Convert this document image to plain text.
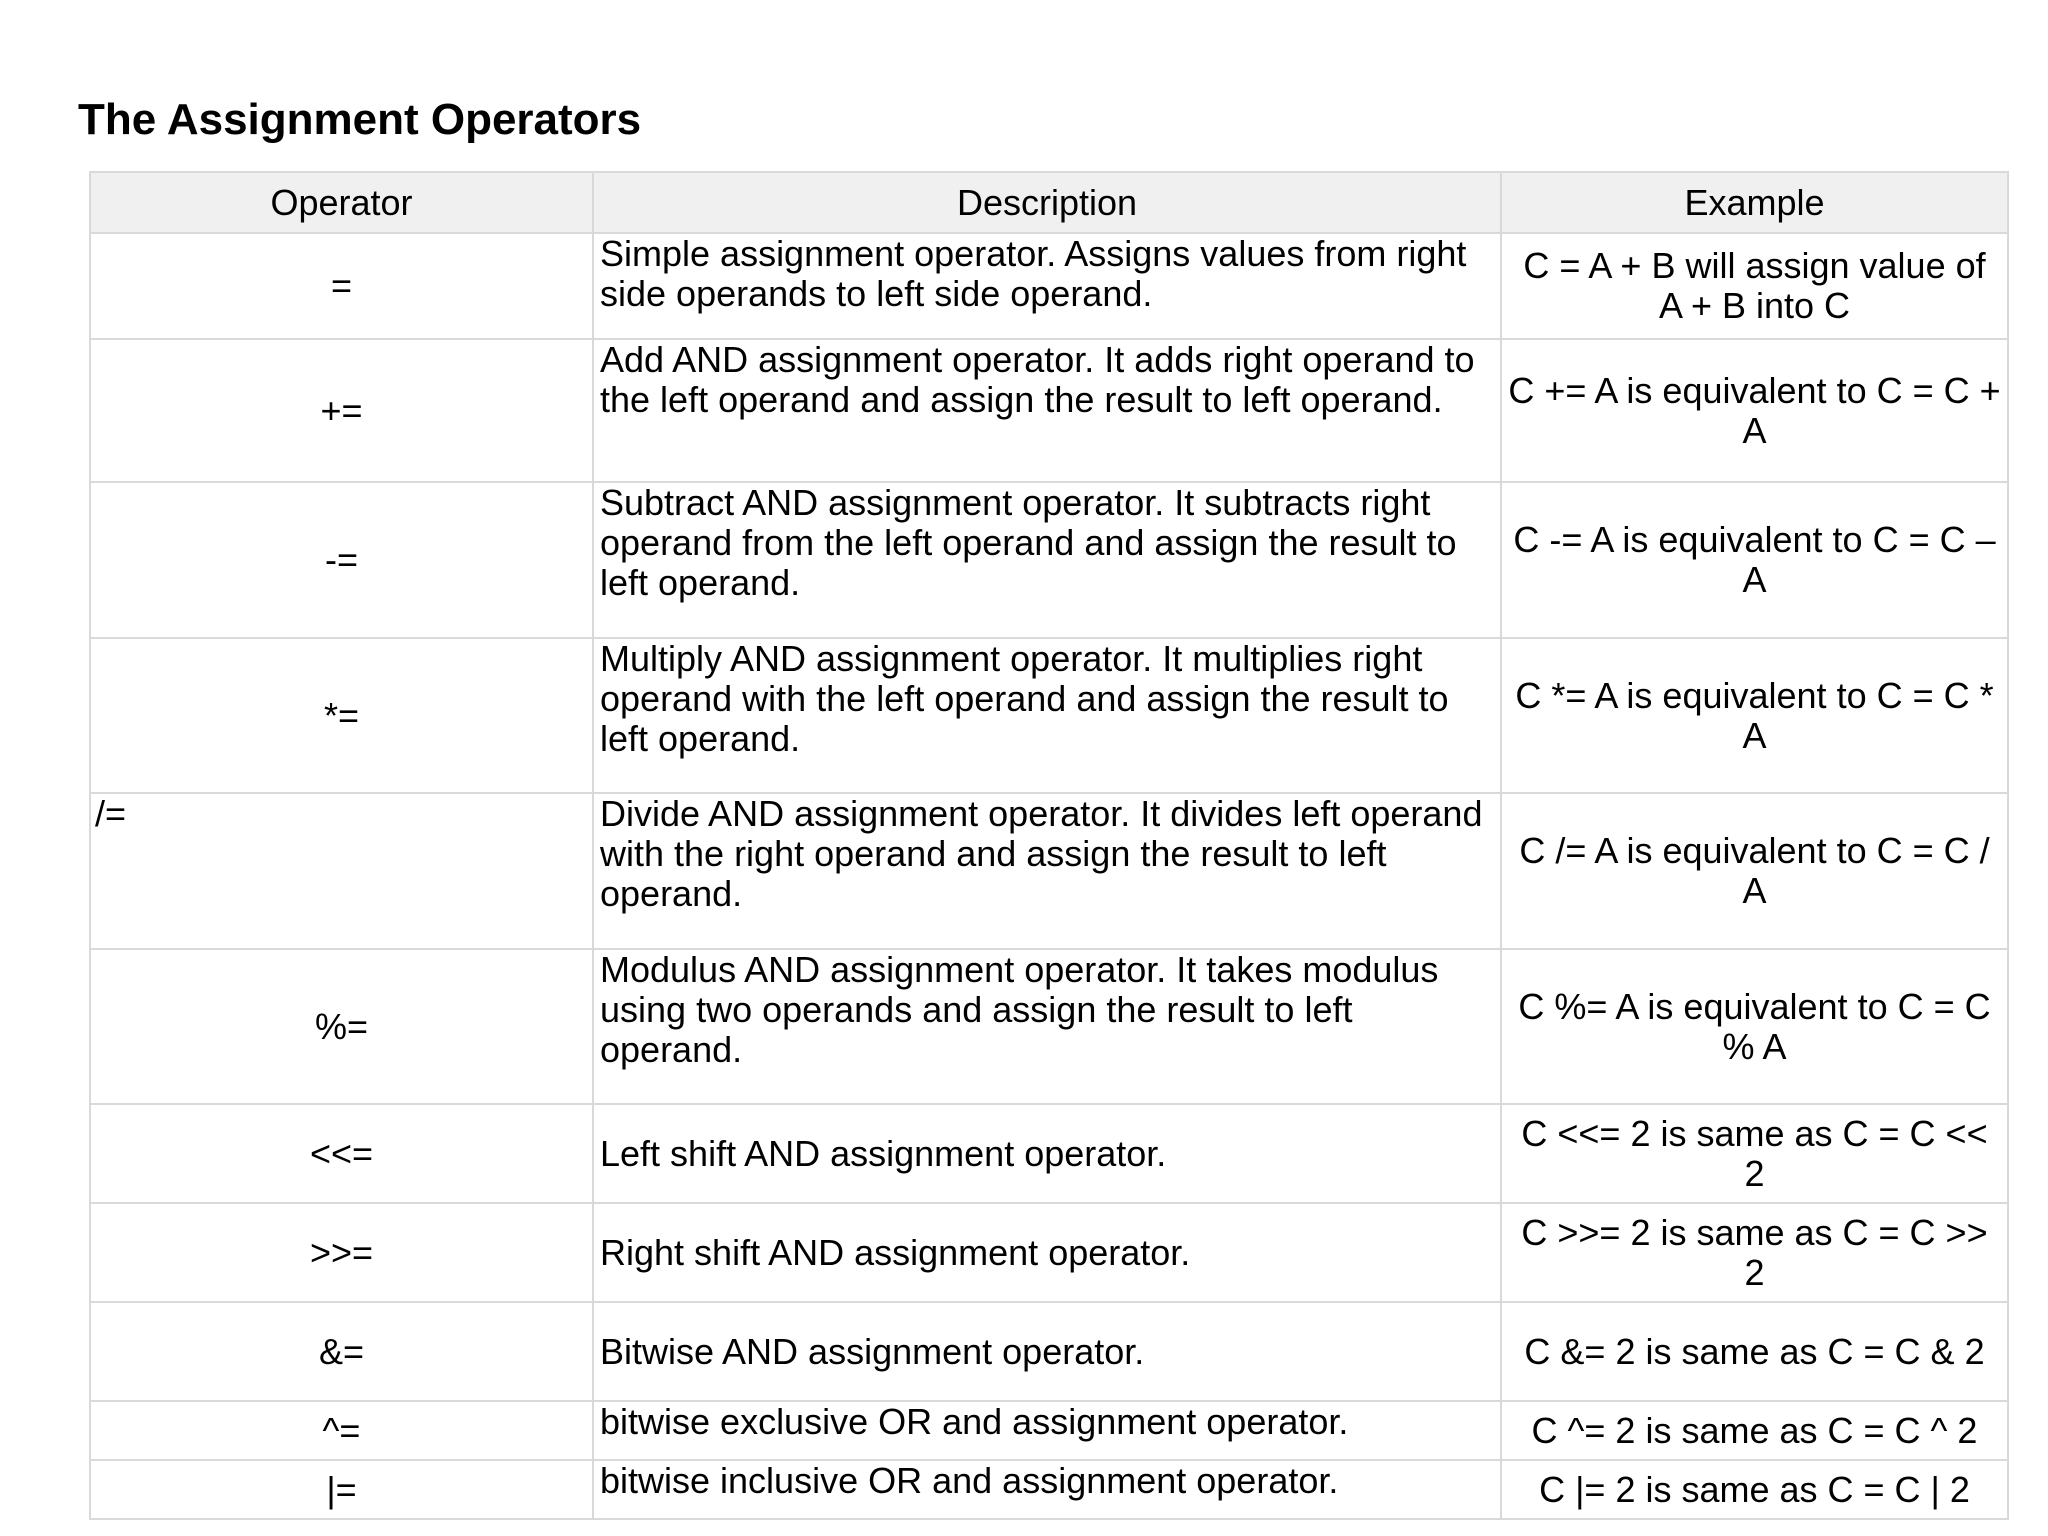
The Assignment Operators
Operator	Description	Example
=	Simple assignment operator. Assigns values from right side operands to left side operand.	C = A + B will assign value of A + B into C
+=	Add AND assignment operator. It adds right operand to the left operand and assign the result to left operand.	C += A is equivalent to C = C + A
-=	Subtract AND assignment operator. It subtracts right operand from the left operand and assign the result to left operand.	C -= A is equivalent to C = C – A
*=	Multiply AND assignment operator. It multiplies right operand with the left operand and assign the result to left operand.	C *= A is equivalent to C = C * A
/=	Divide AND assignment operator. It divides left operand with the right operand and assign the result to left operand.	C /= A is equivalent to C = C / A
%=	Modulus AND assignment operator. It takes modulus using two operands and assign the result to left operand.	C %= A is equivalent to C = C % A
<<=	Left shift AND assignment operator.	C <<= 2 is same as C = C << 2
>>=	Right shift AND assignment operator.	C >>= 2 is same as C = C >> 2
&=	Bitwise AND assignment operator.	C &= 2 is same as C = C & 2
^=	bitwise exclusive OR and assignment operator.	C ^= 2 is same as C = C ^ 2
|=	bitwise inclusive OR and assignment operator.	C |= 2 is same as C = C | 2
